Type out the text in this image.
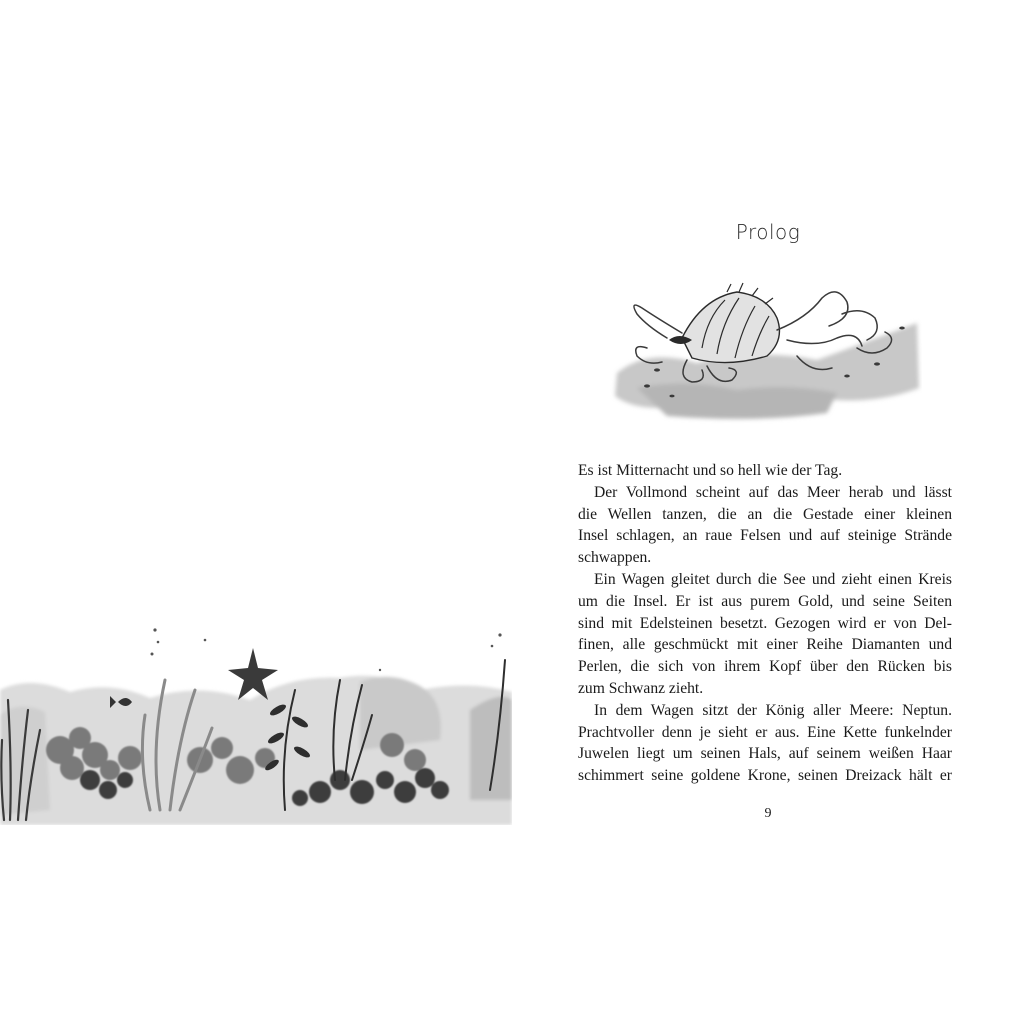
Prolog
Es ist Mitternacht und so hell wie der Tag.
Der Vollmond scheint auf das Meer herab und lässt
die Wellen tanzen, die an die Gestade einer kleinen
Insel schlagen, an raue Felsen und auf steinige Strände
schwappen.
Ein Wagen gleitet durch die See und zieht einen Kreis
um die Insel. Er ist aus purem Gold, und seine Seiten
sind mit Edelsteinen besetzt. Gezogen wird er von Del-
finen, alle geschmückt mit einer Reihe Diamanten und
Perlen, die sich von ihrem Kopf über den Rücken bis
zum Schwanz zieht.
In dem Wagen sitzt der König aller Meere: Neptun.
Prachtvoller denn je sieht er aus. Eine Kette funkelnder
Juwelen liegt um seinen Hals, auf seinem weißen Haar
schimmert seine goldene Krone, seinen Dreizack hält er
9
